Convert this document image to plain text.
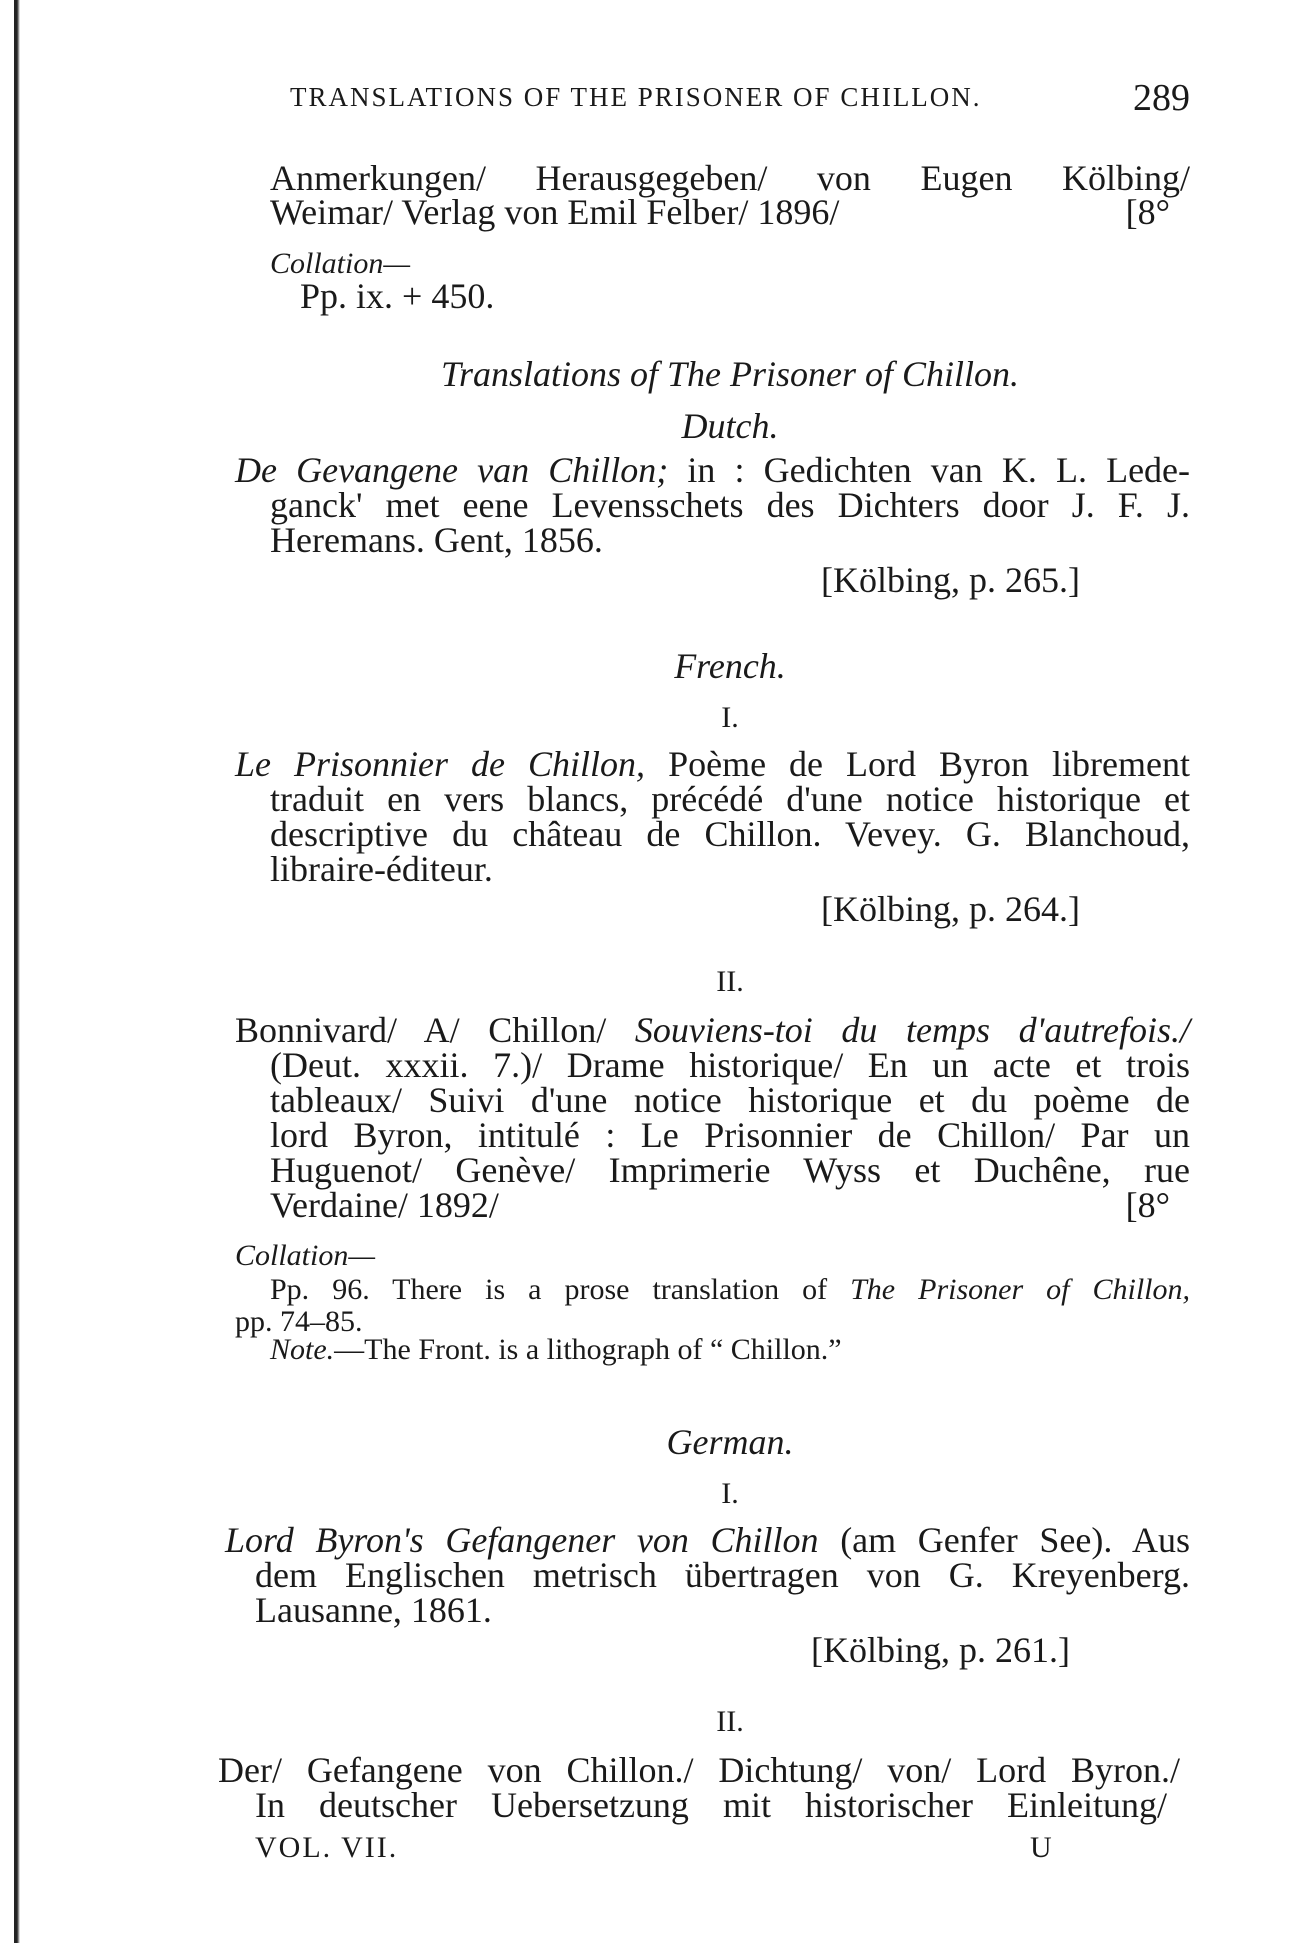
TRANSLATIONS OF THE PRISONER OF CHILLON.	289
Anmerkungen/ Herausgegeben/ von Eugen Kölbing/
Weimar/ Verlag von Emil Felber/ 1896/	[8°
Collation—
Pp. ix. + 450.
Translations of The Prisoner of Chillon.
Dutch.
De Gevangene van Chillon; in : Gedichten van K. L. Lede-
ganck' met eene Levensschets des Dichters door J. F. J.
Heremans. Gent, 1856.
[Kölbing, p. 265.]
French.
I.
Le Prisonnier de Chillon, Poème de Lord Byron librement
traduit en vers blancs, précédé d'une notice historique et
descriptive du château de Chillon. Vevey. G. Blanchoud,
libraire-éditeur.
[Kölbing, p. 264.]
II.
Bonnivard/ A/ Chillon/ Souviens-toi du temps d'autrefois./
(Deut. xxxii. 7.)/ Drame historique/ En un acte et trois
tableaux/ Suivi d'une notice historique et du poème de
lord Byron, intitulé : Le Prisonnier de Chillon/ Par un
Huguenot/ Genève/ Imprimerie Wyss et Duchêne, rue
Verdaine/ 1892/	[8°
Collation—
Pp. 96. There is a prose translation of The Prisoner of Chillon,
pp. 74–85.
Note.—The Front. is a lithograph of “ Chillon.”
German.
I.
Lord Byron's Gefangener von Chillon (am Genfer See). Aus
dem Englischen metrisch übertragen von G. Kreyenberg.
Lausanne, 1861.
[Kölbing, p. 261.]
II.
Der/ Gefangene von Chillon./ Dichtung/ von/ Lord Byron./
In deutscher Uebersetzung mit historischer Einleitung/
VOL. VII.	U
